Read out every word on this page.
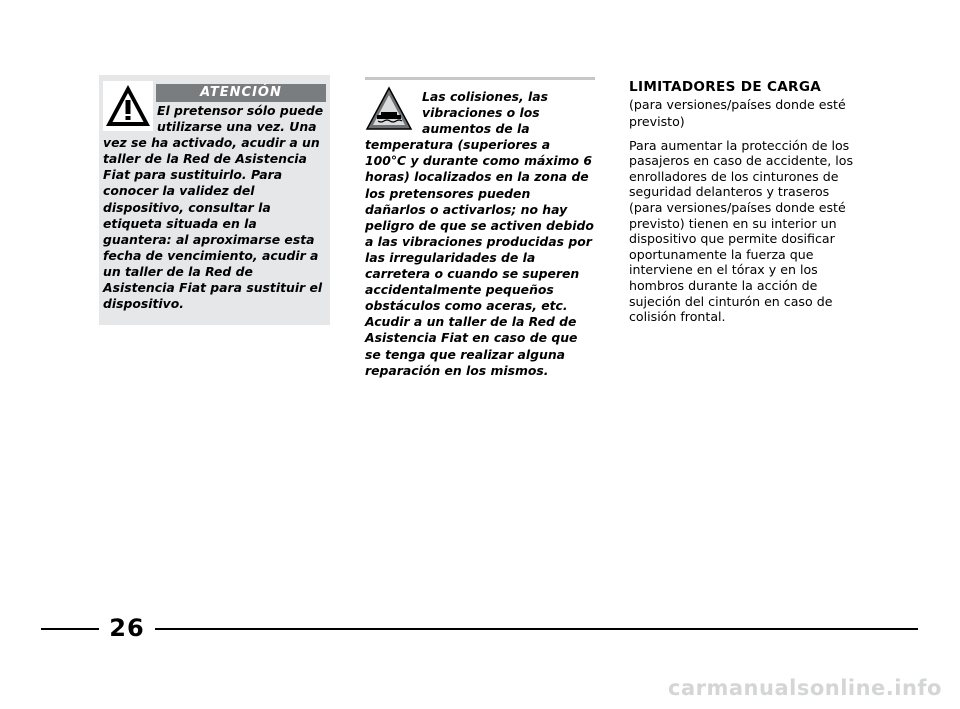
ATENCIÓN
El pretensor sólo puede utilizarse una vez. Una vez se ha activado, acudir a un taller de la Red de Asistencia Fiat para sustituirlo. Para conocer la validez del dispositivo, consultar la etiqueta situada en la guantera: al aproximarse esta fecha de vencimiento, acudir a un taller de la Red de Asistencia Fiat para sustituir el dispositivo.
Las colisiones, las vibraciones o los aumentos de la temperatura (superiores a 100°C y durante como máximo 6 horas) localizados en la zona de los pretensores pueden dañarlos o activarlos; no hay peligro de que se activen debido a las vibraciones producidas por las irregularidades de la carretera o cuando se superen accidentalmente pequeños obstáculos como aceras, etc. Acudir a un taller de la Red de Asistencia Fiat en caso de que se tenga que realizar alguna reparación en los mismos.

LIMITADORES DE CARGA

(para versiones/países donde esté previsto)

Para aumentar la protección de los pasajeros en caso de accidente, los enrolladores de los cinturones de seguridad delanteros y traseros (para versiones/países donde esté previsto) tienen en su interior un dispositivo que permite dosificar oportunamente la fuerza que interviene en el tórax y en los hombros durante la acción de sujeción del cinturón en caso de colisión frontal.

26
carmanualsonline.info
